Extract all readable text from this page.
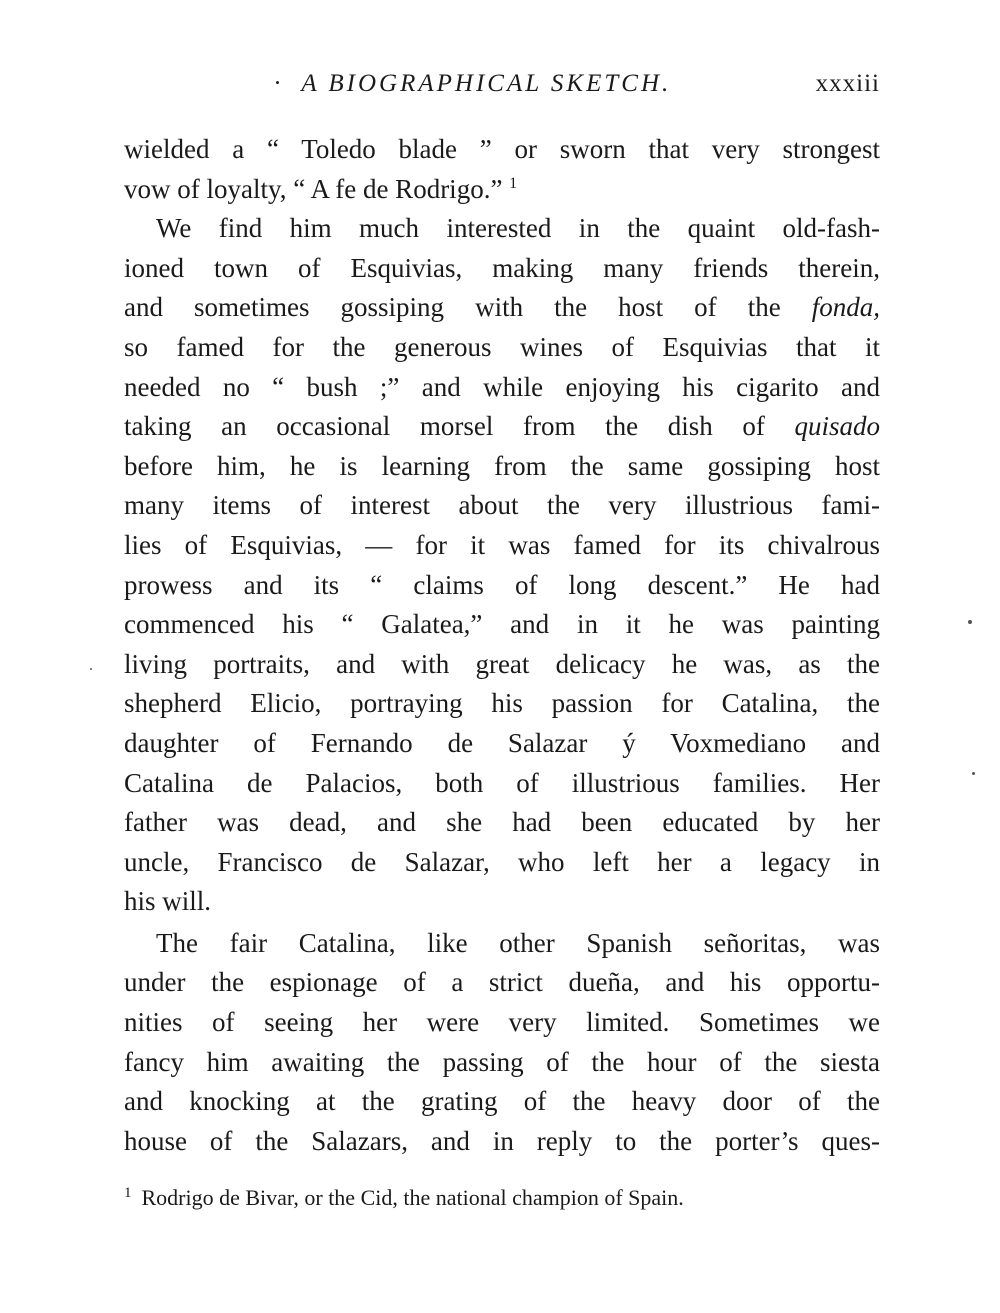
· A BIOGRAPHICAL SKETCH.	xxxiii
wielded a “ Toledo blade ” or sworn that very strongest
vow of loyalty, “ A fe de Rodrigo.” $^1$
We find him much interested in the quaint old-fash-
ioned town of Esquivias, making many friends therein,
and sometimes gossiping with the host of the fonda,
so famed for the generous wines of Esquivias that it
needed no “ bush ;” and while enjoying his cigarito and
taking an occasional morsel from the dish of quisado
before him, he is learning from the same gossiping host
many items of interest about the very illustrious fami-
lies of Esquivias, — for it was famed for its chivalrous
prowess and its “ claims of long descent.” He had
commenced his “ Galatea,” and in it he was painting
living portraits, and with great delicacy he was, as the
shepherd Elicio, portraying his passion for Catalina, the
daughter of Fernando de Salazar ý Voxmediano and
Catalina de Palacios, both of illustrious families. Her
father was dead, and she had been educated by her
uncle, Francisco de Salazar, who left her a legacy in
his will.
The fair Catalina, like other Spanish señoritas, was
under the espionage of a strict dueña, and his opportu-
nities of seeing her were very limited. Sometimes we
fancy him awaiting the passing of the hour of the siesta
and knocking at the grating of the heavy door of the
house of the Salazars, and in reply to the porter’s ques-
$^1$ Rodrigo de Bivar, or the Cid, the national champion of Spain.
